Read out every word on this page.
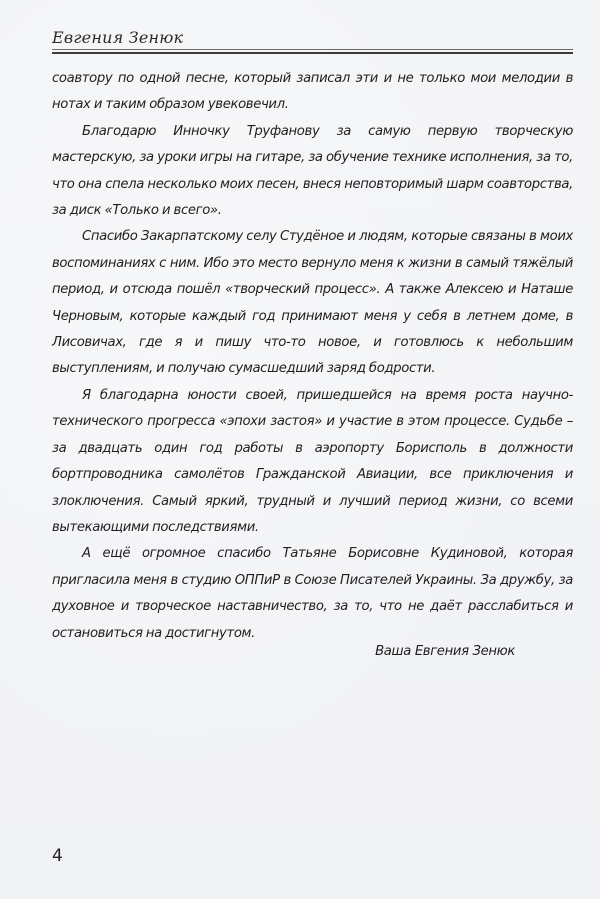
Евгения Зенюк

соавтору по одной песне, который записал эти и не только мои мелодии в нотах и таким образом увековечил.

Благодарю Инночку Труфанову за самую первую творческую мастерскую, за уроки игры на гитаре, за обучение технике исполнения, за то, что она спела несколько моих песен, внеся неповторимый шарм соавторства, за диск «Только и всего».

Спасибо Закарпатскому селу Студёное и людям, которые связаны в моих воспоминаниях с ним. Ибо это место вернуло меня к жизни в самый тяжёлый период, и отсюда пошёл «творческий процесс». А также Алексею и Наташе Черновым, которые каждый год принимают меня у себя в летнем доме, в Лисовичах, где я и пишу что-то новое, и готовлюсь к небольшим выступлениям, и получаю сумасшедший заряд бодрости.

Я благодарна юности своей, пришедшейся на время роста научно-технического прогресса «эпохи застоя» и участие в этом процессе. Судьбе – за двадцать один год работы в аэропорту Борисполь в должности бортпроводника самолётов Гражданской Авиации, все приключения и злоключения. Самый яркий, трудный и лучший период жизни, со всеми вытекающими последствиями.

А ещё огромное спасибо Татьяне Борисовне Кудиновой, которая пригласила меня в студию ОППиР в Союзе Писателей Украины. За дружбу, за духовное и творческое наставничество, за то, что не даёт расслабиться и остановиться на достигнутом.

Ваша Евгения Зенюк
4
